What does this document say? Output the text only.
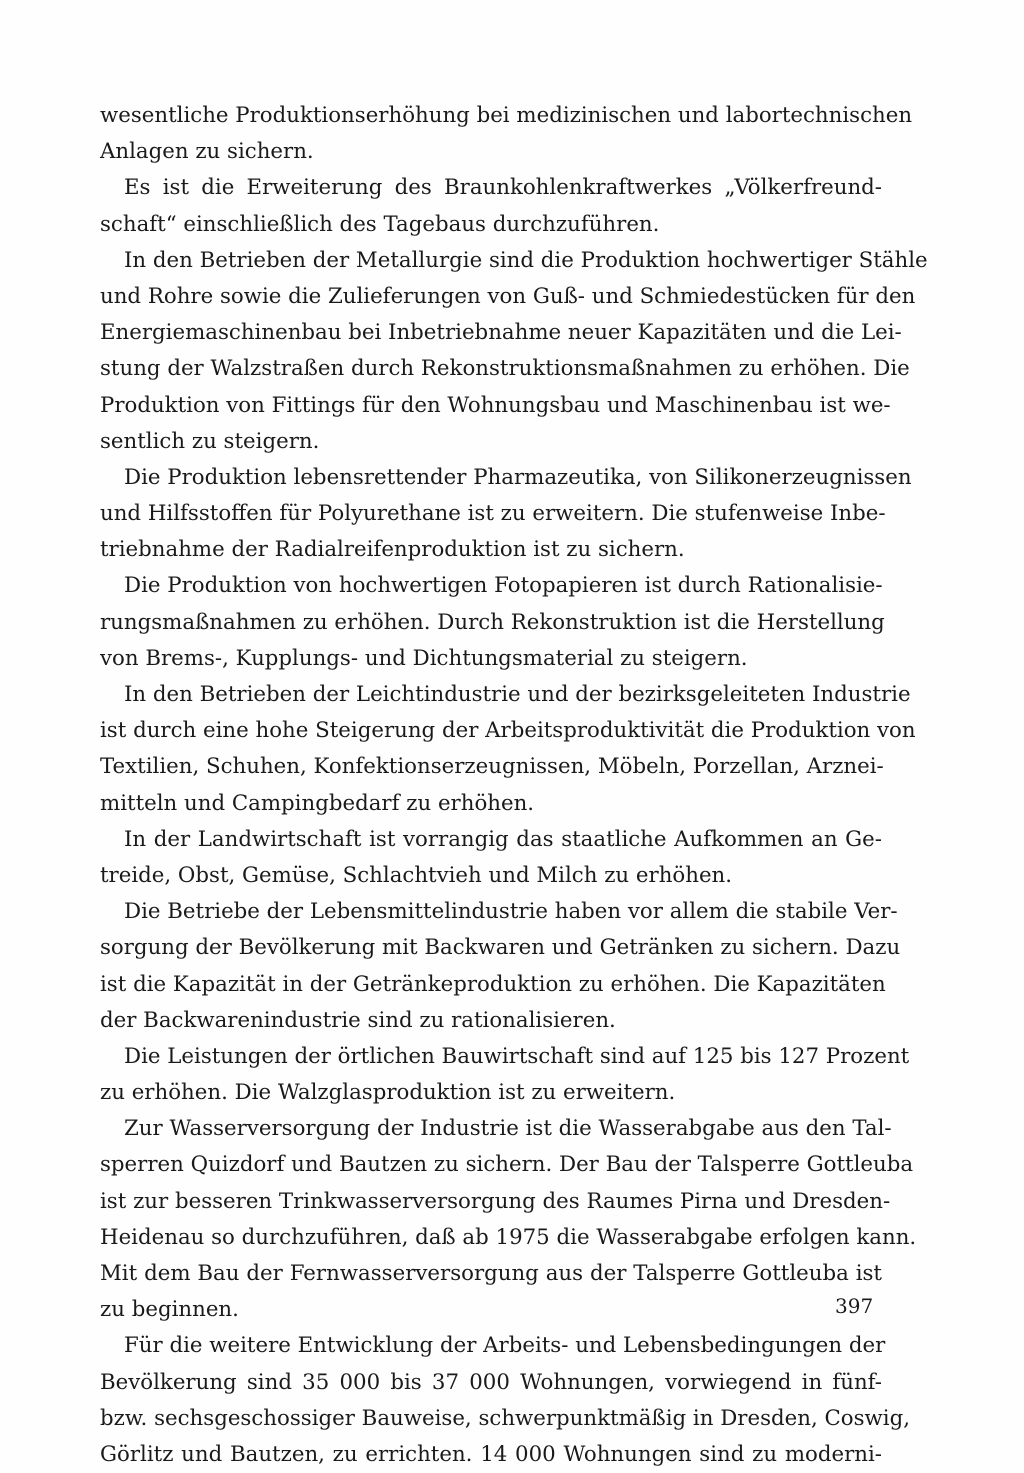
wesentliche Produktionserhöhung bei medizinischen und labortechnischen
Anlagen zu sichern.
Es ist die Erweiterung des Braunkohlenkraftwerkes „Völkerfreund-
schaft“ einschließlich des Tagebaus durchzuführen.
In den Betrieben der Metallurgie sind die Produktion hochwertiger Stähle
und Rohre sowie die Zulieferungen von Guß- und Schmiedestücken für den
Energiemaschinenbau bei Inbetriebnahme neuer Kapazitäten und die Lei-
stung der Walzstraßen durch Rekonstruktionsmaßnahmen zu erhöhen. Die
Produktion von Fittings für den Wohnungsbau und Maschinenbau ist we-
sentlich zu steigern.
Die Produktion lebensrettender Pharmazeutika, von Silikonerzeugnissen
und Hilfsstoffen für Polyurethane ist zu erweitern. Die stufenweise Inbe-
triebnahme der Radialreifenproduktion ist zu sichern.
Die Produktion von hochwertigen Fotopapieren ist durch Rationalisie-
rungsmaßnahmen zu erhöhen. Durch Rekonstruktion ist die Herstellung
von Brems-, Kupplungs- und Dichtungsmaterial zu steigern.
In den Betrieben der Leichtindustrie und der bezirksgeleiteten Industrie
ist durch eine hohe Steigerung der Arbeitsproduktivität die Produktion von
Textilien, Schuhen, Konfektionserzeugnissen, Möbeln, Porzellan, Arznei-
mitteln und Campingbedarf zu erhöhen.
In der Landwirtschaft ist vorrangig das staatliche Aufkommen an Ge-
treide, Obst, Gemüse, Schlachtvieh und Milch zu erhöhen.
Die Betriebe der Lebensmittelindustrie haben vor allem die stabile Ver-
sorgung der Bevölkerung mit Backwaren und Getränken zu sichern. Dazu
ist die Kapazität in der Getränkeproduktion zu erhöhen. Die Kapazitäten
der Backwarenindustrie sind zu rationalisieren.
Die Leistungen der örtlichen Bauwirtschaft sind auf 125 bis 127 Prozent
zu erhöhen. Die Walzglasproduktion ist zu erweitern.
Zur Wasserversorgung der Industrie ist die Wasserabgabe aus den Tal-
sperren Quizdorf und Bautzen zu sichern. Der Bau der Talsperre Gottleuba
ist zur besseren Trinkwasserversorgung des Raumes Pirna und Dresden-
Heidenau so durchzuführen, daß ab 1975 die Wasserabgabe erfolgen kann.
Mit dem Bau der Fernwasserversorgung aus der Talsperre Gottleuba ist
zu beginnen.
Für die weitere Entwicklung der Arbeits- und Lebensbedingungen der
Bevölkerung sind 35 000 bis 37 000 Wohnungen, vorwiegend in fünf-
bzw. sechsgeschossiger Bauweise, schwerpunktmäßig in Dresden, Coswig,
Görlitz und Bautzen, zu errichten. 14 000 Wohnungen sind zu moderni-
397
